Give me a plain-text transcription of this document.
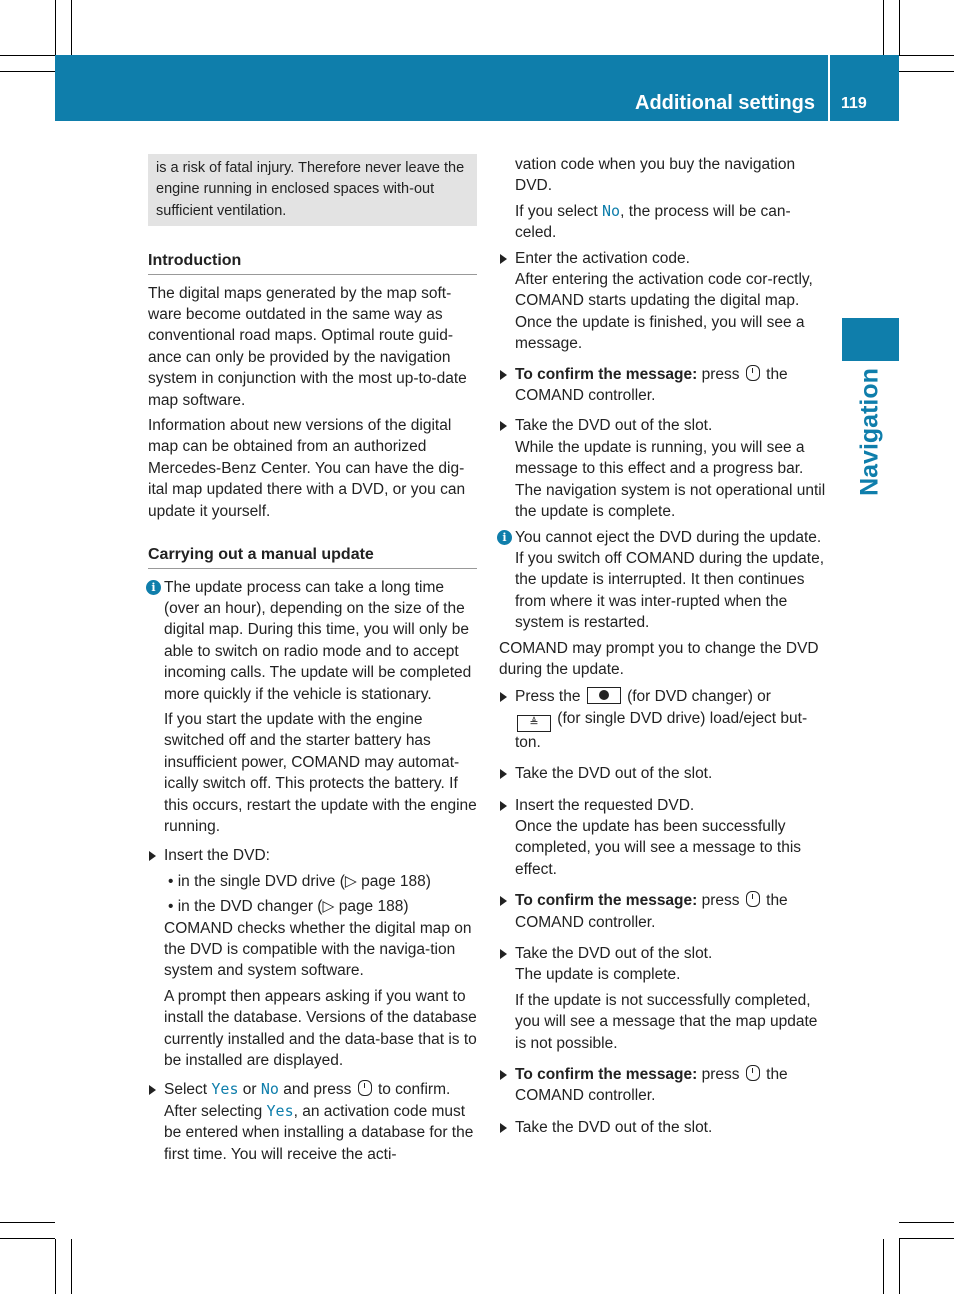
Additional settings 119
Navigation
is a risk of fatal injury. Therefore never leave the engine running in enclosed spaces with-out sufficient ventilation.
Introduction

The digital maps generated by the map soft-ware become outdated in the same way as conventional road maps. Optimal route guid-ance can only be provided by the navigation system in conjunction with the most up-to-date map software.

Information about new versions of the digital map can be obtained from an authorized Mercedes-Benz Center. You can have the dig-ital map updated there with a DVD, or you can update it yourself.

Carrying out a manual update
i The update process can take a long time (over an hour), depending on the size of the digital map. During this time, you will only be able to switch on radio mode and to accept incoming calls. The update will be completed more quickly if the vehicle is stationary.

If you start the update with the engine switched off and the starter battery has insufficient power, COMAND may automat-ically switch off. This protects the battery. If this occurs, restart the update with the engine running.

Insert the DVD:

• in the single DVD drive (▷ page 188)

• in the DVD changer (▷ page 188)

COMAND checks whether the digital map on the DVD is compatible with the naviga-tion system and system software.

A prompt then appears asking if you want to install the database. Versions of the database currently installed and the data-base that is to be installed are displayed.

Select Yes or No and press  to confirm.

After selecting Yes, an activation code must be entered when installing a database for the first time. You will receive the acti-

vation code when you buy the navigation DVD.

If you select No, the process will be can-celed.

Enter the activation code.
After entering the activation code cor-rectly, COMAND starts updating the digital map. Once the update is finished, you will see a message.
To confirm the message: press  the COMAND controller.
Take the DVD out of the slot.
While the update is running, you will see a message to this effect and a progress bar. The navigation system is not operational until the update is complete.
i You cannot eject the DVD during the update. If you switch off COMAND during the update, the update is interrupted. It then continues from where it was inter-rupted when the system is restarted.

COMAND may prompt you to change the DVD during the update.

Press the
(for DVD changer) or
≜ (for single DVD drive) load/eject but-ton.
Take the DVD out of the slot.
Insert the requested DVD.
Once the update has been successfully completed, you will see a message to this effect.
To confirm the message: press  the COMAND controller.
Take the DVD out of the slot.
The update is complete.

If the update is not successfully completed, you will see a message that the map update is not possible.

To confirm the message: press  the COMAND controller.
Take the DVD out of the slot.
